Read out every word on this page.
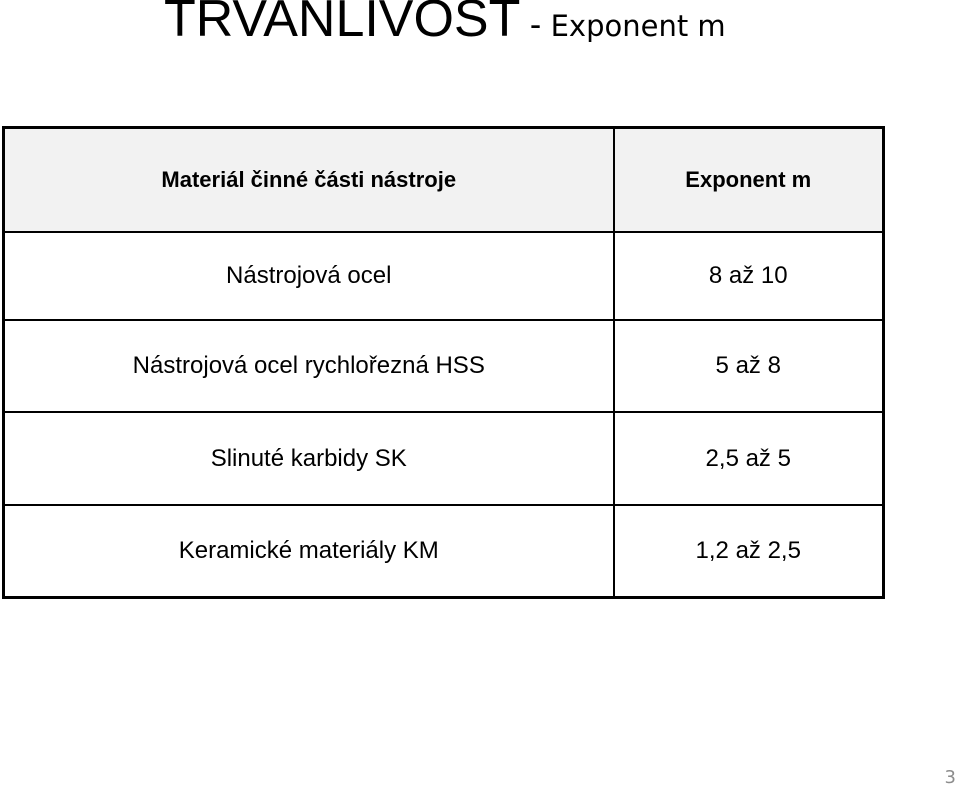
TRVANLIVOST - Exponent m
Materiál činné části nástroje	Exponent m
Nástrojová ocel	8 až 10
Nástrojová ocel rychlořezná HSS	5 až 8
Slinuté karbidy SK	2,5 až 5
Keramické materiály KM	1,2 až 2,5
3
